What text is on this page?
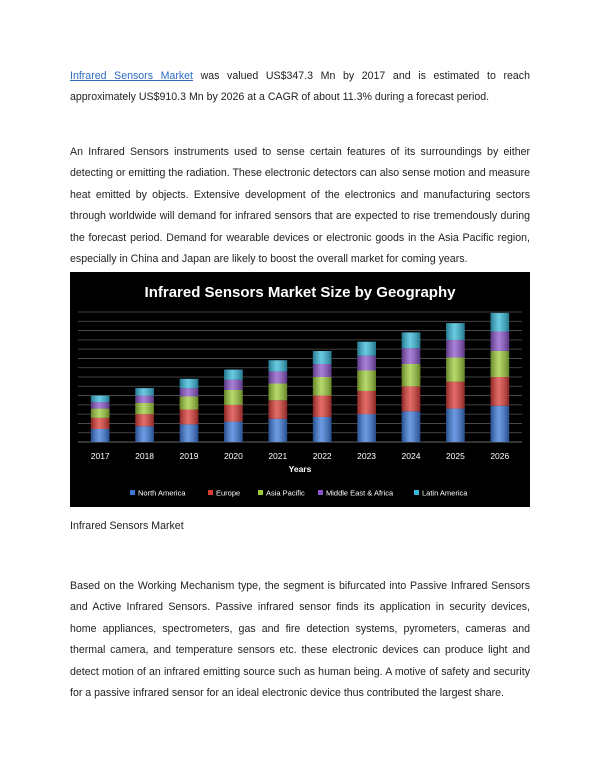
Infrared Sensors Market was valued US$347.3 Mn by 2017 and is estimated to reach approximately US$910.3 Mn by 2026 at a CAGR of about 11.3% during a forecast period.

An Infrared Sensors instruments used to sense certain features of its surroundings by either detecting or emitting the radiation. These electronic detectors can also sense motion and measure heat emitted by objects. Extensive development of the electronics and manufacturing sectors through worldwide will demand for infrared sensors that are expected to rise tremendously during the forecast period. Demand for wearable devices or electronic goods in the Asia Pacific region, especially in China and Japan are likely to boost the overall market for coming years.

Infrared Sensors Market Size by Geography
2017	2018	2019	2020	2021	2022	2023	2024	2025	2026
Years
North America	Europe	Asia Pacific	Middle East & Africa	Latin America

Infrared Sensors Market

Based on the Working Mechanism type, the segment is bifurcated into Passive Infrared Sensors and Active Infrared Sensors. Passive infrared sensor finds its application in security devices, home appliances, spectrometers, gas and fire detection systems, pyrometers, cameras and thermal camera, and temperature sensors etc. these electronic devices can produce light and detect motion of an infrared emitting source such as human being. A motive of safety and security for a passive infrared sensor for an ideal electronic device thus contributed the largest share.
